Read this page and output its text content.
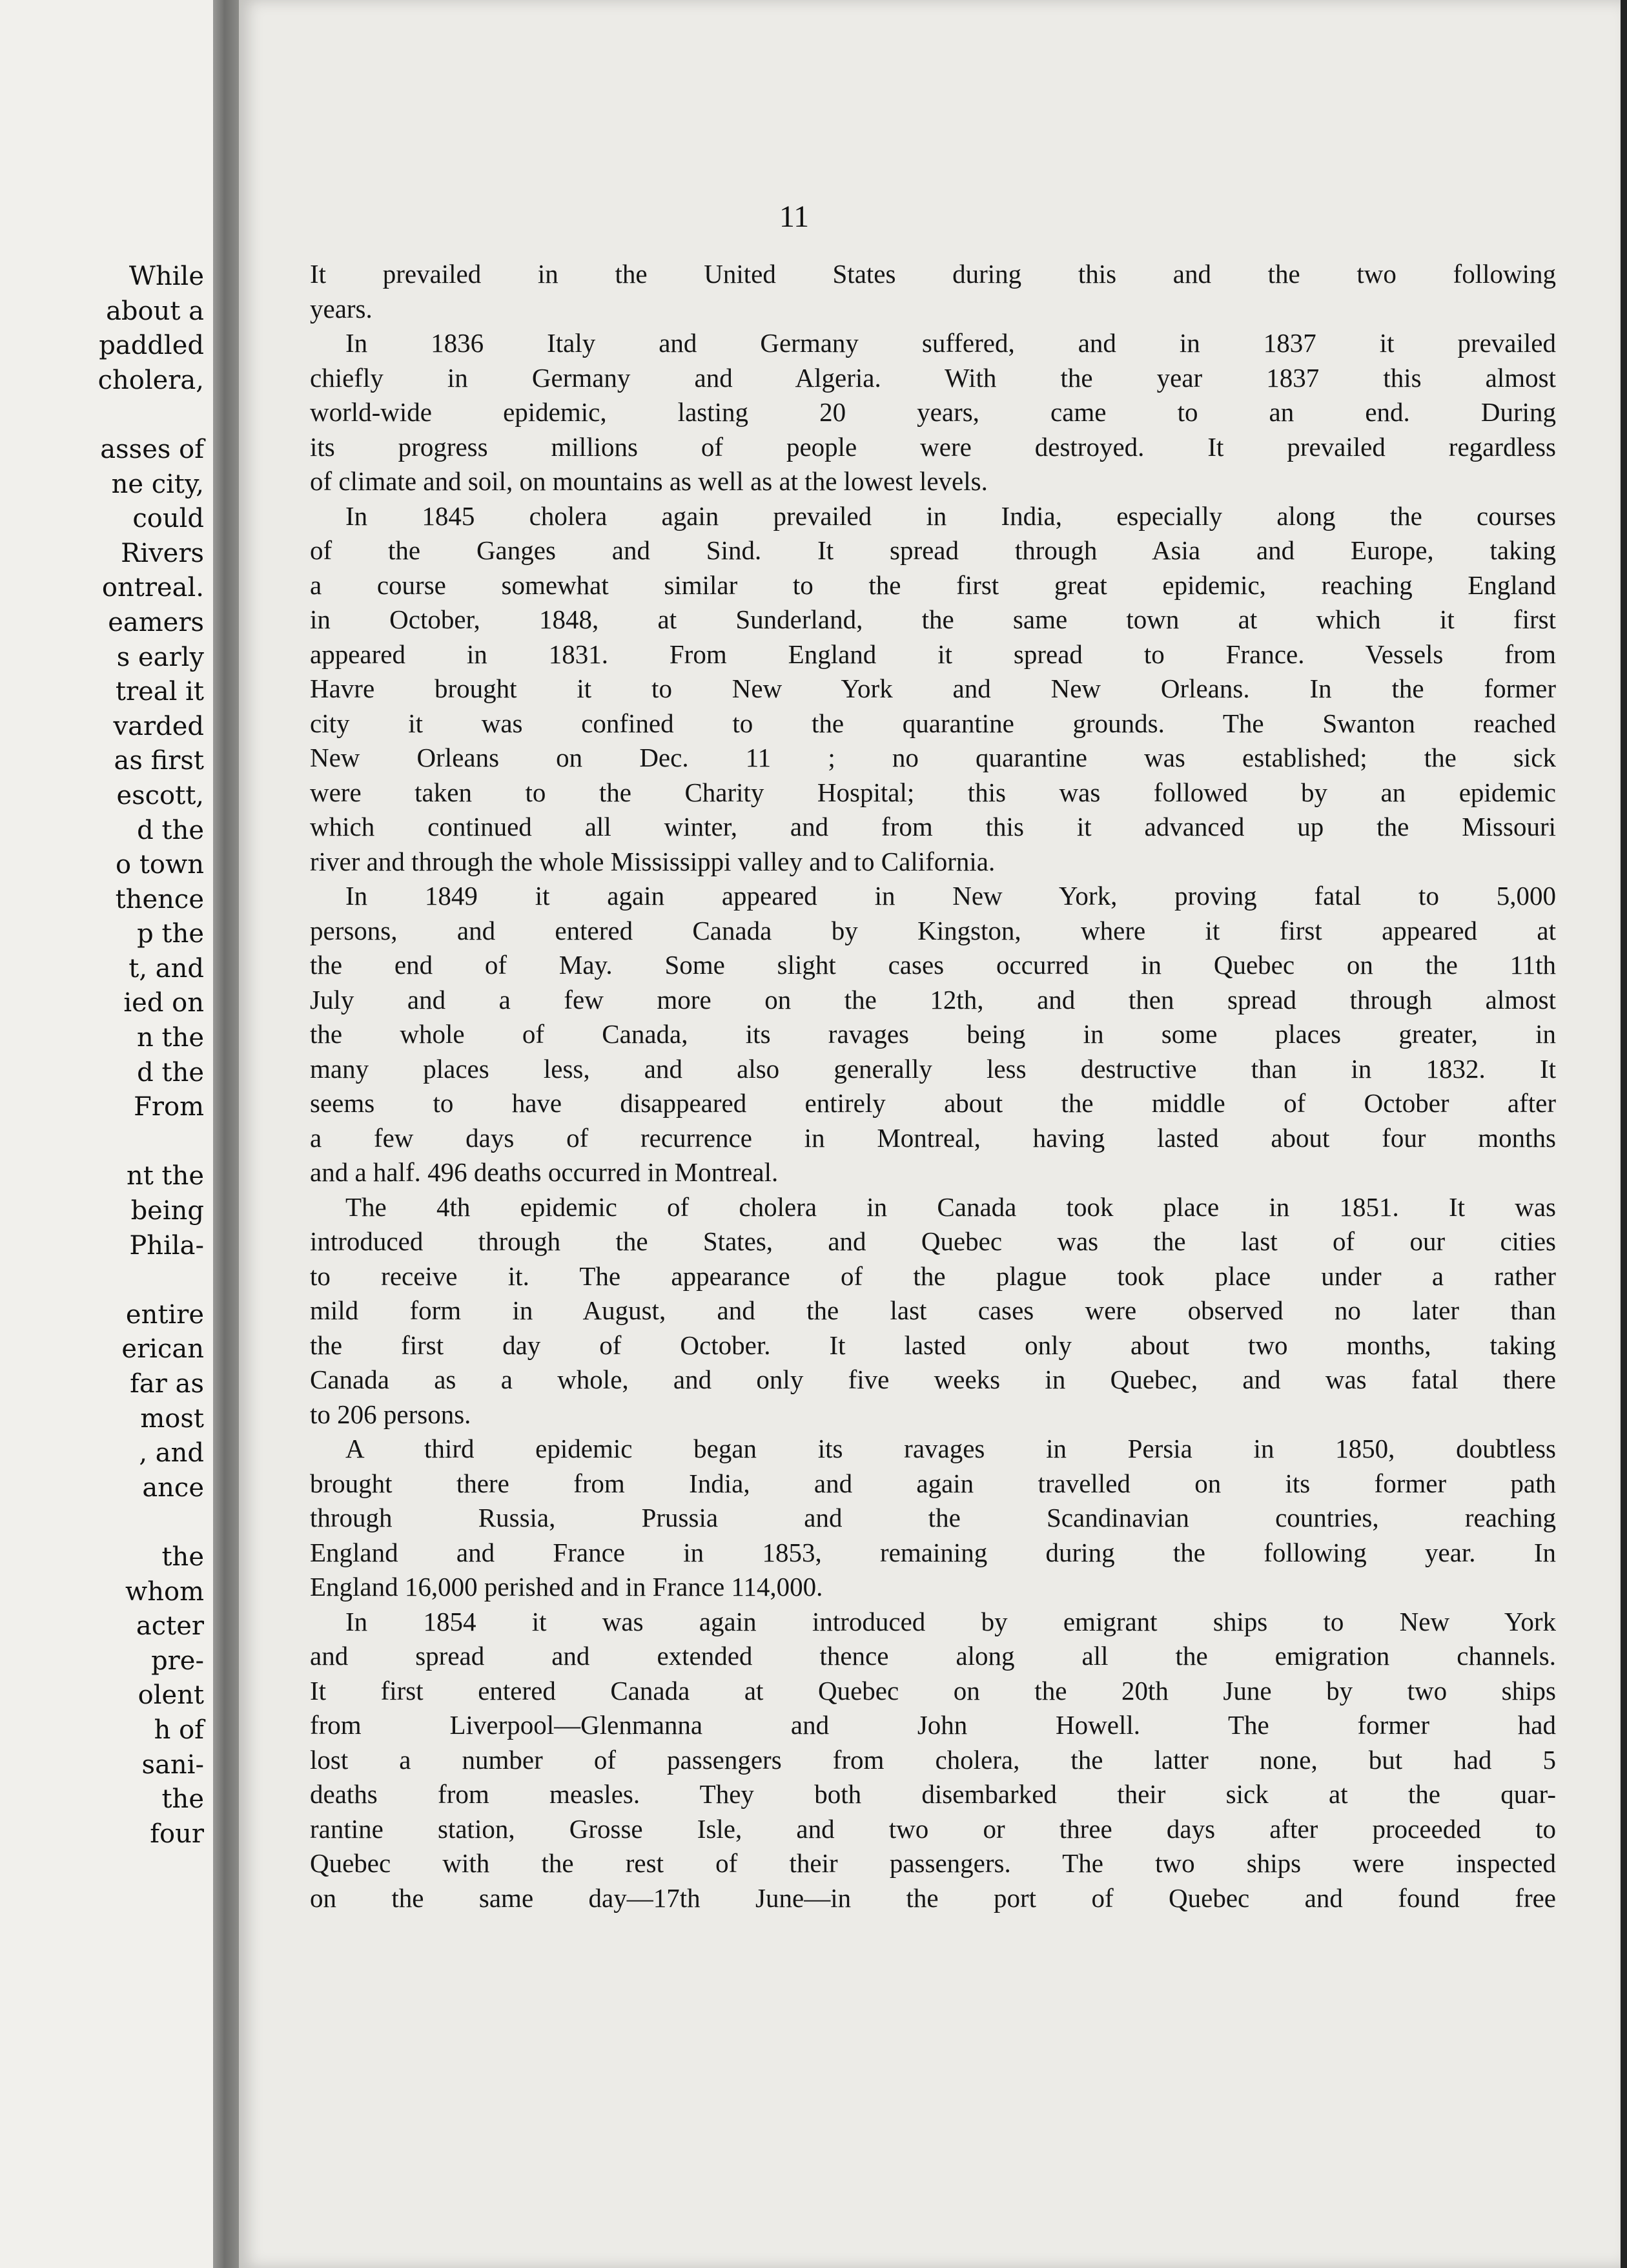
While
about a
paddled
cholera,
asses of
ne city,
could
Rivers
ontreal.
eamers
s early
treal it
varded
as first
escott,
d the
o town
thence
p the
t, and
ied on
n the
d the
From
nt the
being
Phila-
entire
erican
far as
most
, and
ance
the
whom
acter
pre-
olent
h of
sani-
the
four
11
It prevailed in the United States during this and the two following
years.
In 1836 Italy and Germany suffered, and in 1837 it prevailed
chiefly in Germany and Algeria. With the year 1837 this almost
world-wide epidemic, lasting 20 years, came to an end. During
its progress millions of people were destroyed. It prevailed regardless
of climate and soil, on mountains as well as at the lowest levels.
In 1845 cholera again prevailed in India, especially along the courses
of the Ganges and Sind. It spread through Asia and Europe, taking
a course somewhat similar to the first great epidemic, reaching England
in October, 1848, at Sunderland, the same town at which it first
appeared in 1831. From England it spread to France. Vessels from
Havre brought it to New York and New Orleans. In the former
city it was confined to the quarantine grounds. The Swanton reached
New Orleans on Dec. 11 ; no quarantine was established; the sick
were taken to the Charity Hospital; this was followed by an epidemic
which continued all winter, and from this it advanced up the Missouri
river and through the whole Mississippi valley and to California.
In 1849 it again appeared in New York, proving fatal to 5,000
persons, and entered Canada by Kingston, where it first appeared at
the end of May. Some slight cases occurred in Quebec on the 11th
July and a few more on the 12th, and then spread through almost
the whole of Canada, its ravages being in some places greater, in
many places less, and also generally less destructive than in 1832. It
seems to have disappeared entirely about the middle of October after
a few days of recurrence in Montreal, having lasted about four months
and a half. 496 deaths occurred in Montreal.
The 4th epidemic of cholera in Canada took place in 1851. It was
introduced through the States, and Quebec was the last of our cities
to receive it. The appearance of the plague took place under a rather
mild form in August, and the last cases were observed no later than
the first day of October. It lasted only about two months, taking
Canada as a whole, and only five weeks in Quebec, and was fatal there
to 206 persons.
A third epidemic began its ravages in Persia in 1850, doubtless
brought there from India, and again travelled on its former path
through Russia, Prussia and the Scandinavian countries, reaching
England and France in 1853, remaining during the following year. In
England 16,000 perished and in France 114,000.
In 1854 it was again introduced by emigrant ships to New York
and spread and extended thence along all the emigration channels.
It first entered Canada at Quebec on the 20th June by two ships
from Liverpool—Glenmanna and John Howell. The former had
lost a number of passengers from cholera, the latter none, but had 5
deaths from measles. They both disembarked their sick at the quar-
rantine station, Grosse Isle, and two or three days after proceeded to
Quebec with the rest of their passengers. The two ships were inspected
on the same day—17th June—in the port of Quebec and found free
